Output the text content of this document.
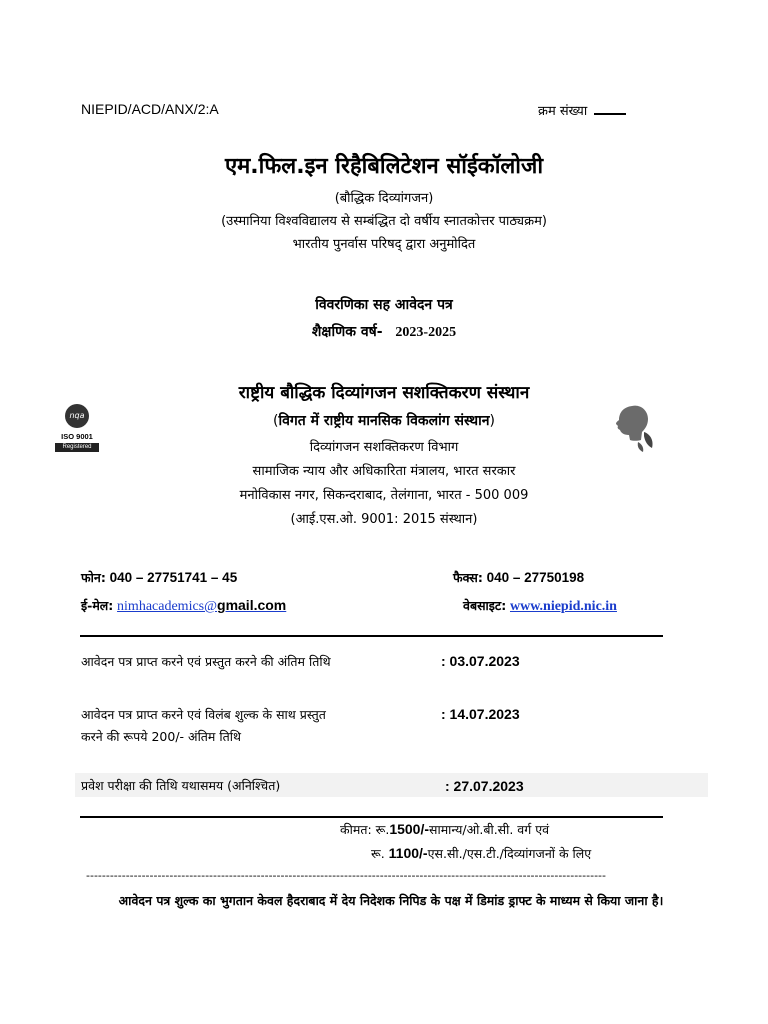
NIEPID/ACD/ANX/2:A	क्रम संख्या
एम.फिल.इन रिहैबिलिटेशन सॉईकॉलोजी
(बौद्धिक दिव्यांगजन)
(उस्मानिया विश्वविद्यालय से सम्बंद्धित दो वर्षीय स्नातकोत्तर पाठ्यक्रम)
भारतीय पुनर्वास परिषद् द्वारा अनुमोदित
विवरणिका सह आवेदन पत्र
शैक्षणिक वर्ष- 2023-2025
राष्ट्रीय बौद्धिक दिव्यांगजन सशक्तिकरण संस्थान
(विगत में राष्ट्रीय मानसिक विकलांग संस्थान)
दिव्यांगजन सशक्तिकरण विभाग
सामाजिक न्याय और अधिकारिता मंत्रालय, भारत सरकार
मनोविकास नगर, सिकन्दराबाद, तेलंगाना, भारत - 500 009
(आई.एस.ओ. 9001: 2015 संस्थान)
nqa
ISO 9001
Registered
फोन: 040 – 27751741 – 45	फैक्स: 040 – 27750198
ई-मेल: nimhacademics@gmail.com	वेबसाइट: www.niepid.nic.in
आवेदन पत्र प्राप्त करने एवं प्रस्तुत करने की अंतिम तिथि	: 03.07.2023
आवेदन पत्र प्राप्त करने एवं विलंब शुल्क के साथ प्रस्तुत
करने की रूपये 200/- अंतिम तिथि
: 14.07.2023
प्रवेश परीक्षा की तिथि यथासमय (अनिश्चित)	: 27.07.2023
कीमत: रू.1500/-सामान्य/ओ.बी.सी. वर्ग एवं
रू. 1100/-एस.सी./एस.टी./दिव्यांगजनों के लिए
-----------------------------------------------------------------------------------------------------------------------------------
आवेदन पत्र शुल्क का भुगतान केवल हैदराबाद में देय निदेशक निपिड के पक्ष में डिमांड ड्राफ्ट के माध्यम से किया जाना है।
